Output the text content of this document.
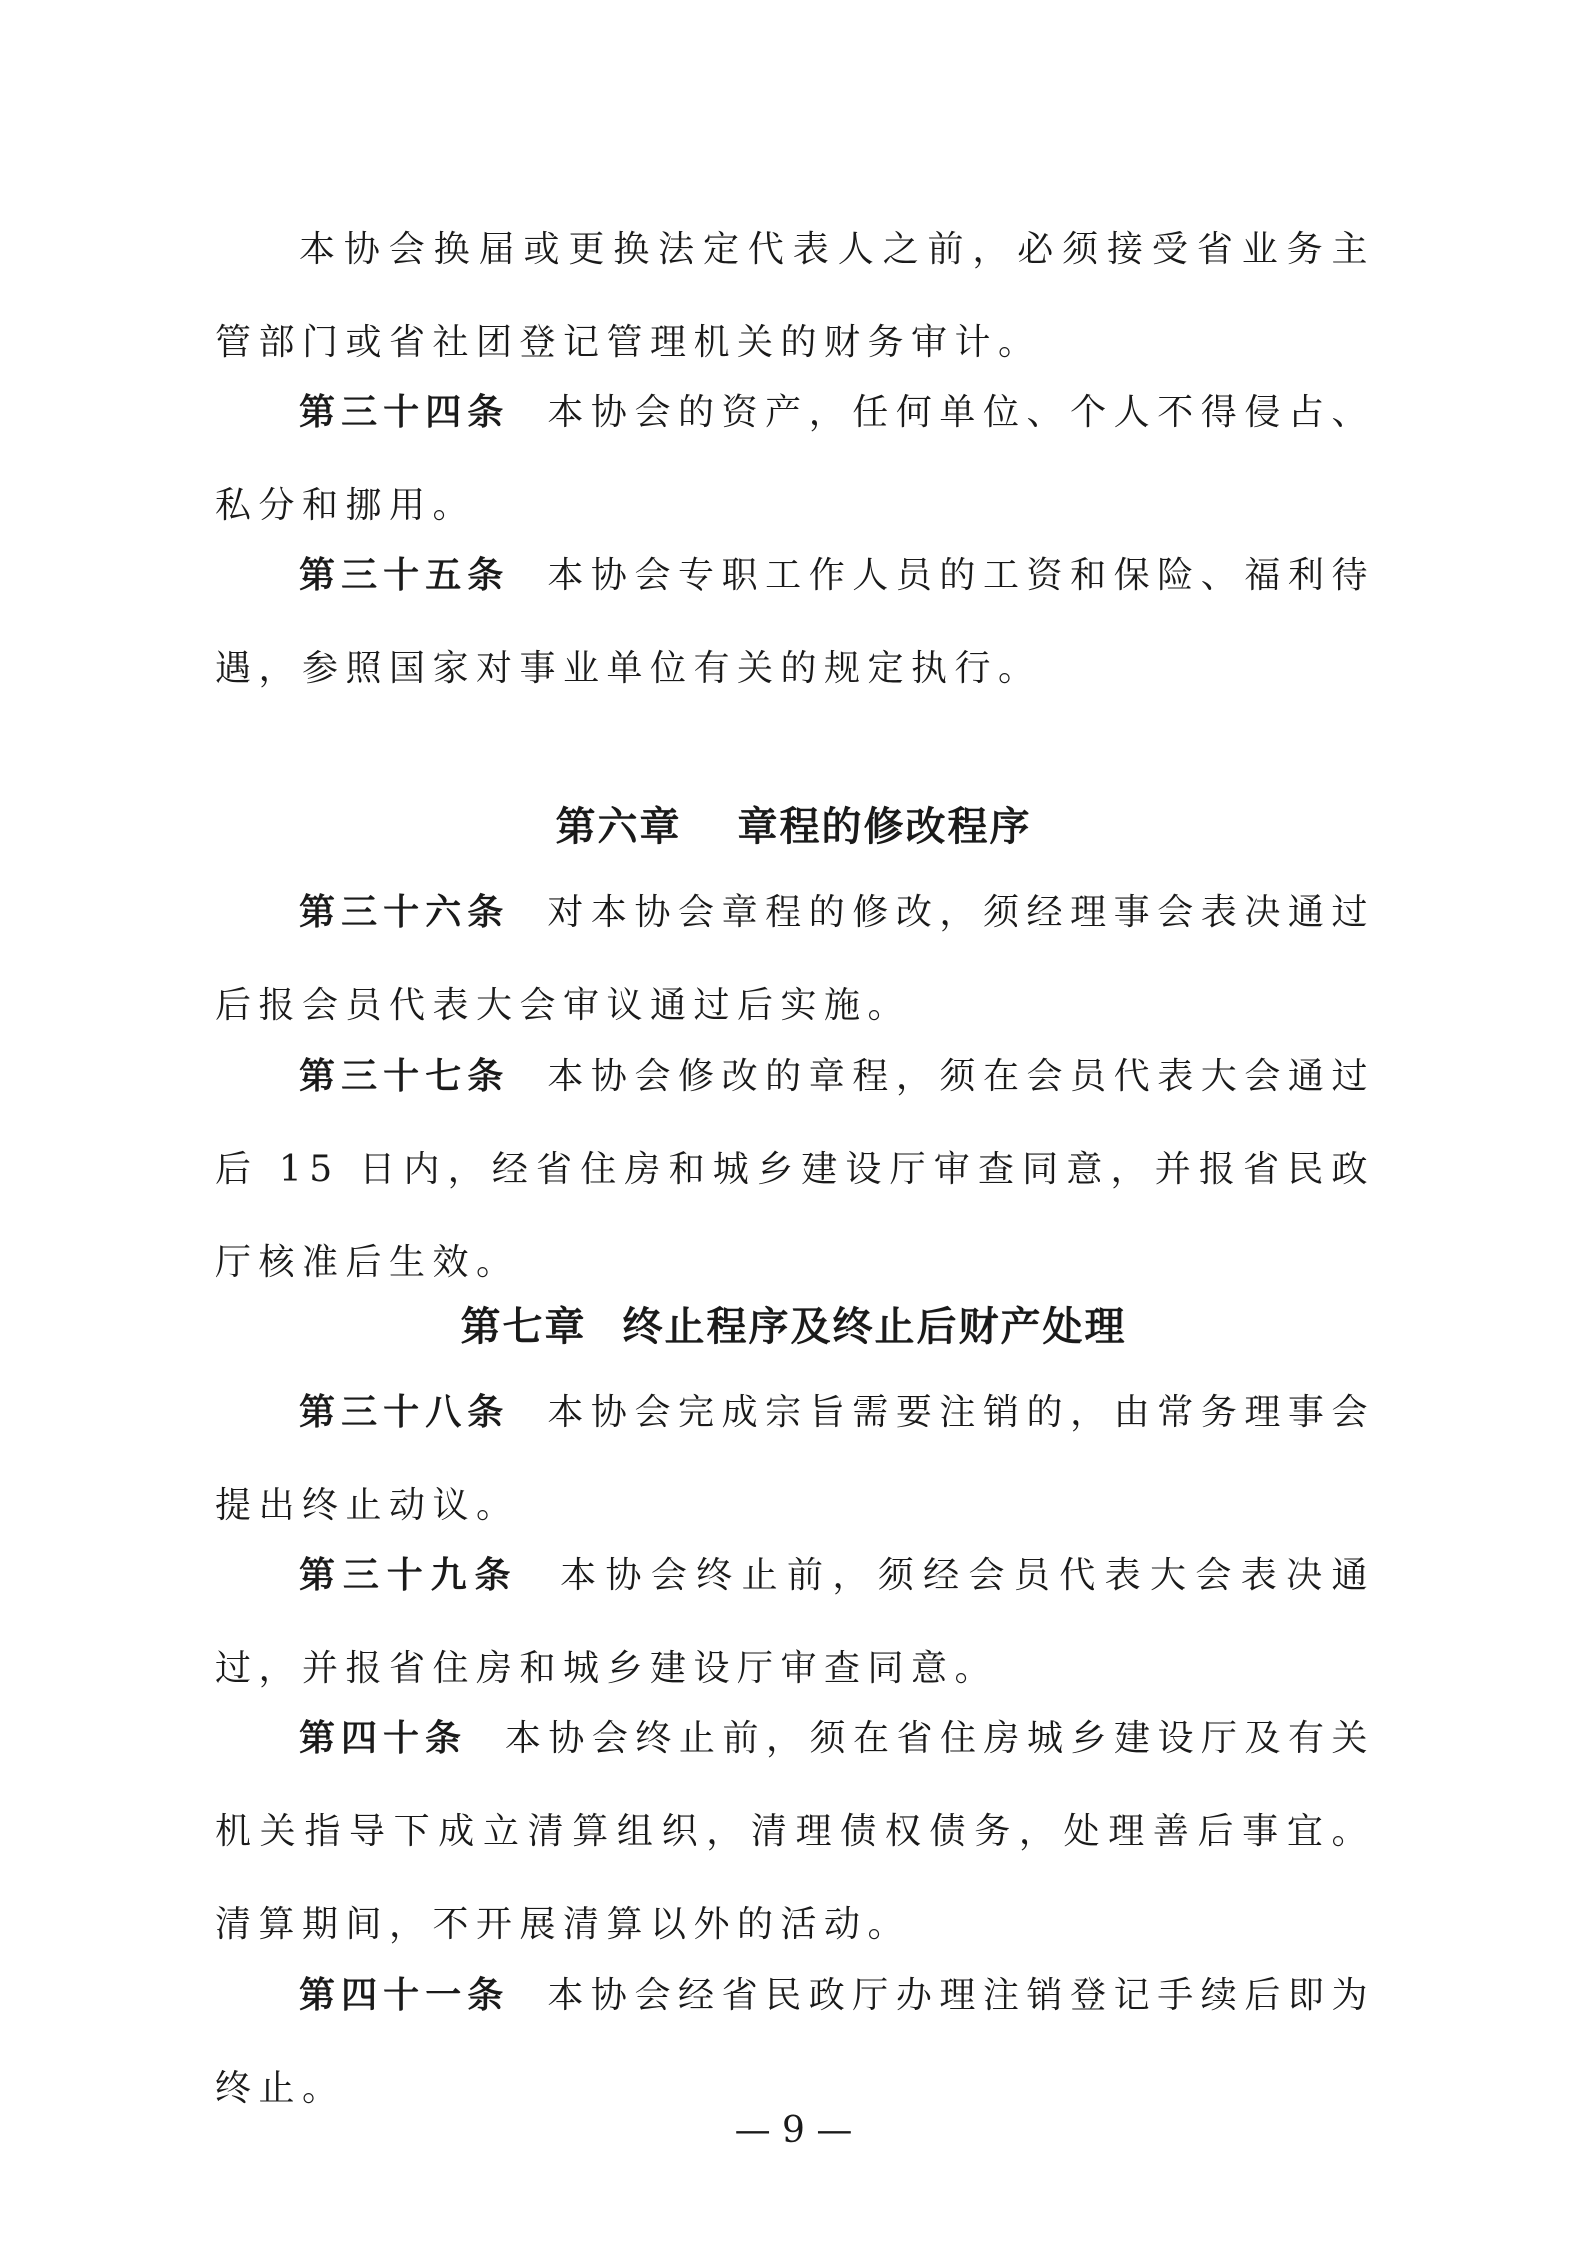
本协会换届或更换法定代表人之前，必须接受省业务主管部门或省社团登记管理机关的财务审计。

第三十四条 本协会的资产，任何单位、个人不得侵占、私分和挪用。

第三十五条 本协会专职工作人员的工资和保险、福利待遇，参照国家对事业单位有关的规定执行。

第六章 章程的修改程序

第三十六条 对本协会章程的修改，须经理事会表决通过后报会员代表大会审议通过后实施。

第三十七条 本协会修改的章程，须在会员代表大会通过后 15 日内，经省住房和城乡建设厅审查同意，并报省民政厅核准后生效。

第七章 终止程序及终止后财产处理

第三十八条 本协会完成宗旨需要注销的，由常务理事会提出终止动议。

第三十九条 本协会终止前，须经会员代表大会表决通过，并报省住房和城乡建设厅审查同意。

第四十条 本协会终止前，须在省住房城乡建设厅及有关机关指导下成立清算组织，清理债权债务，处理善后事宜。清算期间，不开展清算以外的活动。

第四十一条 本协会经省民政厅办理注销登记手续后即为终止。

— 9 —
